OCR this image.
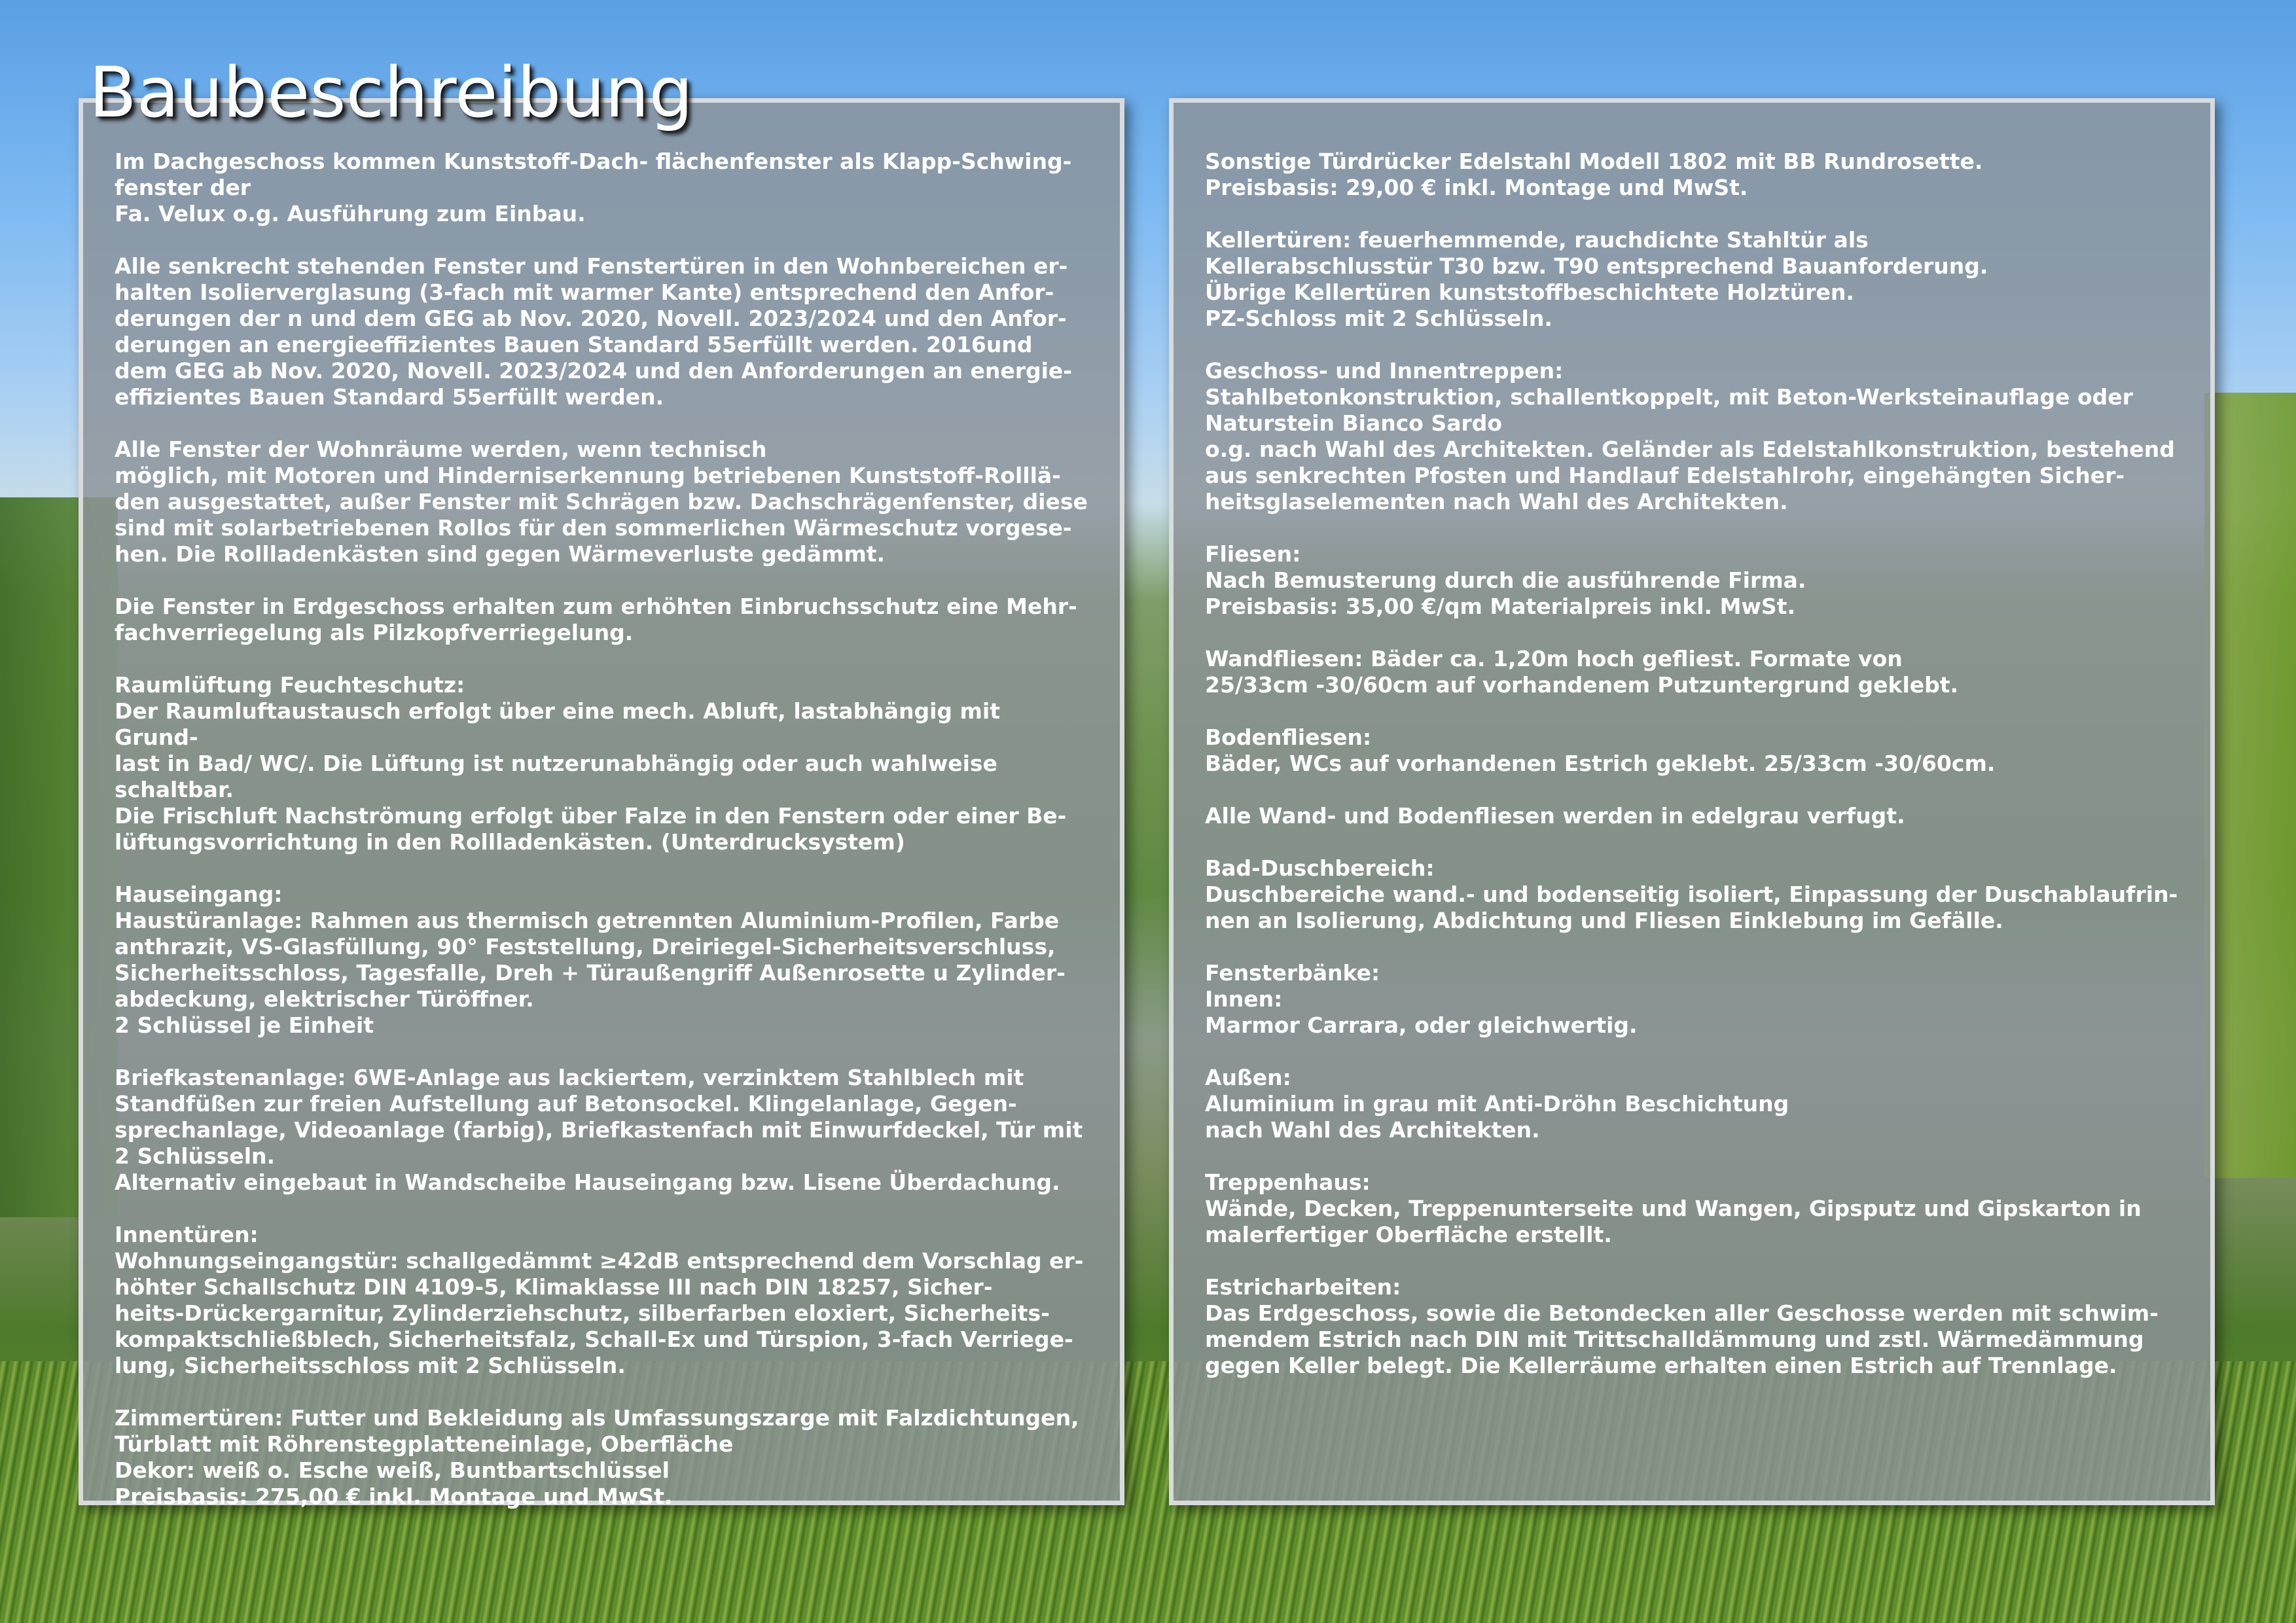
Baubeschreibung
Im Dachgeschoss kommen Kunststoff-Dach- flächenfenster als Klapp-Schwing-
fenster der
Fa. Velux o.g. Ausführung zum Einbau.
Alle senkrecht stehenden Fenster und Fenstertüren in den Wohnbereichen er-
halten Isolierverglasung (3-fach mit warmer Kante) entsprechend den Anfor-
derungen der n und dem GEG ab Nov. 2020, Novell. 2023/2024 und den Anfor-
derungen an energieeffizientes Bauen Standard 55erfüllt werden. 2016und
dem GEG ab Nov. 2020, Novell. 2023/2024 und den Anforderungen an energie-
effizientes Bauen Standard 55erfüllt werden.
Alle Fenster der Wohnräume werden, wenn technisch
möglich, mit Motoren und Hinderniserkennung betriebenen Kunststoff-Rolllä-
den ausgestattet, außer Fenster mit Schrägen bzw. Dachschrägenfenster, diese
sind mit solarbetriebenen Rollos für den sommerlichen Wärmeschutz vorgese-
hen. Die Rollladenkästen sind gegen Wärmeverluste gedämmt.
Die Fenster in Erdgeschoss erhalten zum erhöhten Einbruchsschutz eine Mehr-
fachverriegelung als Pilzkopfverriegelung.
Raumlüftung Feuchteschutz:
Der Raumluftaustausch erfolgt über eine mech. Abluft, lastabhängig mit Grund-
last in Bad/ WC/. Die Lüftung ist nutzerunabhängig oder auch wahlweise
schaltbar.
Die Frischluft Nachströmung erfolgt über Falze in den Fenstern oder einer Be-
lüftungsvorrichtung in den Rollladenkästen. (Unterdrucksystem)
Hauseingang:
Haustüranlage: Rahmen aus thermisch getrennten Aluminium-Profilen, Farbe
anthrazit, VS-Glasfüllung, 90° Feststellung, Dreiriegel-Sicherheitsverschluss,
Sicherheitsschloss, Tagesfalle, Dreh + Türaußengriff Außenrosette u Zylinder-
abdeckung, elektrischer Türöffner.
2 Schlüssel je Einheit
Briefkastenanlage: 6WE-Anlage aus lackiertem, verzinktem Stahlblech mit
Standfüßen zur freien Aufstellung auf Betonsockel. Klingelanlage, Gegen-
sprechanlage, Videoanlage (farbig), Briefkastenfach mit Einwurfdeckel, Tür mit
2 Schlüsseln.
Alternativ eingebaut in Wandscheibe Hauseingang bzw. Lisene Überdachung.
Innentüren:
Wohnungseingangstür: schallgedämmt ≥42dB entsprechend dem Vorschlag er-
höhter Schallschutz DIN 4109-5, Klimaklasse III nach DIN 18257, Sicher-
heits-Drückergarnitur, Zylinderziehschutz, silberfarben eloxiert, Sicherheits-
kompaktschließblech, Sicherheitsfalz, Schall-Ex und Türspion, 3-fach Verriege-
lung, Sicherheitsschloss mit 2 Schlüsseln.
Zimmertüren: Futter und Bekleidung als Umfassungszarge mit Falzdichtungen,
Türblatt mit Röhrenstegplatteneinlage, Oberfläche
Dekor: weiß o. Esche weiß, Buntbartschlüssel
Preisbasis: 275,00 € inkl. Montage und MwSt.
Sonstige Türdrücker Edelstahl Modell 1802 mit BB Rundrosette.
Preisbasis: 29,00 € inkl. Montage und MwSt.
Kellertüren: feuerhemmende, rauchdichte Stahltür als
Kellerabschlusstür T30 bzw. T90 entsprechend Bauanforderung.
Übrige Kellertüren kunststoffbeschichtete Holztüren.
PZ-Schloss mit 2 Schlüsseln.
Geschoss- und Innentreppen:
Stahlbetonkonstruktion, schallentkoppelt, mit Beton-Werksteinauflage oder
Naturstein Bianco Sardo
o.g. nach Wahl des Architekten. Geländer als Edelstahlkonstruktion, bestehend
aus senkrechten Pfosten und Handlauf Edelstahlrohr, eingehängten Sicher-
heitsglaselementen nach Wahl des Architekten.
Fliesen:
Nach Bemusterung durch die ausführende Firma.
Preisbasis: 35,00 €/qm Materialpreis inkl. MwSt.
Wandfliesen: Bäder ca. 1,20m hoch gefliest. Formate von
25/33cm -30/60cm auf vorhandenem Putzuntergrund geklebt.
Bodenfliesen:
Bäder, WCs auf vorhandenen Estrich geklebt. 25/33cm -30/60cm.
Alle Wand- und Bodenfliesen werden in edelgrau verfugt.
Bad-Duschbereich:
Duschbereiche wand.- und bodenseitig isoliert, Einpassung der Duschablaufrin-
nen an Isolierung, Abdichtung und Fliesen Einklebung im Gefälle.
Fensterbänke:
Innen:
Marmor Carrara, oder gleichwertig.
Außen:
Aluminium in grau mit Anti-Dröhn Beschichtung
nach Wahl des Architekten.
Treppenhaus:
Wände, Decken, Treppenunterseite und Wangen, Gipsputz und Gipskarton in
malerfertiger Oberfläche erstellt.
Estricharbeiten:
Das Erdgeschoss, sowie die Betondecken aller Geschosse werden mit schwim-
mendem Estrich nach DIN mit Trittschalldämmung und zstl. Wärmedämmung
gegen Keller belegt. Die Kellerräume erhalten einen Estrich auf Trennlage.
